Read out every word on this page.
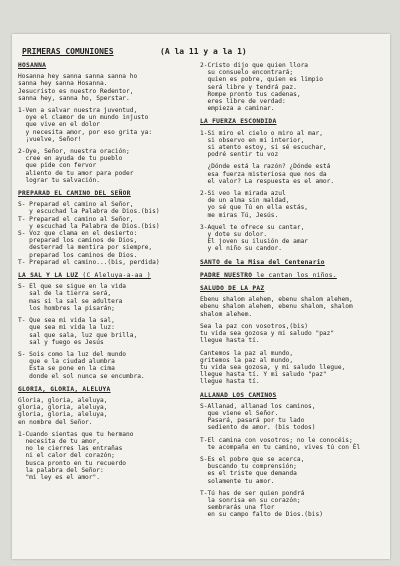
PRIMERAS COMUNIONES	(A la 11 y a la 1)
HOSANNA
Hosanna hey sanna sanna sanna ho
sanna hey sanna Hosanna.
Jesucristo es nuestro Redentor,
sanna hey, sanna ho, Sperstar.
1-Ven a salvar nuestra juventud,
oye el clamor de un mundo injusto
que vive en el dolor
y necesita amor, por eso grita ya:
¡vuelve, Señor!
2-Oye, Señor, nuestra oración;
cree en ayuda de tu pueblo
que pide con fervor
aliento de tu amor para poder
lograr tu salvación.
PREPARAD EL CAMINO DEL SEÑOR
S- Preparad el camino al Señor,
y escuchad la Palabra de Dios.(bis)
T- Preparad el camino al Señor,
y escuchad la Palabra de Dios.(bis)
S- Voz que clama en el desierto:
preparad los caminos de Dios,
desterrad la mentira por siempre,
preparad los caminos de Dios.
T- Preparad el camino...(bis, perdida)
LA SAL Y LA LUZ (C Aleluya-a-aa )
S- El que se sigue en la vida
sal de la tierra será,
mas si la sal se adultera
los hombres la pisarán;
T- Que sea mi vida la sal,
que sea mi vida la luz:
sal que sala, luz que brilla,
sal y fuego es Jesús
S- Sois como la luz del mundo
que e la ciudad alumbra
Esta se pone en la cima
donde el sol nunca se encumbra.
GLORIA, GLORIA, ALELUYA
Gloria, gloria, aleluya,
gloria, gloria, aleluya,
gloria, gloria, aleluya,
en nombre del Señor.
1-Cuando sientas que tu hermano
necesita de tu amor,
no le cierres las entrañas
ni el calor del corazón;
busca pronto en tu recuerdo
la palabra del Señor:
"mi ley es el amor".
2-Cristo dijo que quien llora
su consuelo encontrará;
quien es pobre, quien es limpio
será libre y tendrá paz.
Rompe pronto tus cadenas,
eres libre de verdad:
empieza a caminar.
LA FUERZA ESCONDIDA
1-Si miro el cielo o miro al mar,
si observo en mi interior,
si atento estoy, si sé escuchar,
podré sentir tu voz
¿Dónde está la razón? ¿Dónde está
esa fuerza misteriosa que nos da
el valor? La respuesta es el amor.
2-Si veo la mirada azul
de un alma sin maldad,
yo sé que Tú en ella estás,
me miras Tú, Jesús.
3-Aquel te ofrece su cantar,
y dote su dolor.
El joven su ilusión de amar
y el niño su candor.
SANTO de la Misa del Centenario
PADRE NUESTRO le cantan los niños.
SALUDO DE LA PAZ
Ebenu shalom alehem, ebenu shalom alehem,
ebenu shalom alehem, ebenu shalom, shalom
shalom alehem.
Sea la paz con vosotros,(bis)
tu vida sea gozosa y mi saludo "paz"
llegue hasta tí.
Cantemos la paz al mundo,
gritemos la paz al mundo,
tu vida sea gozosa, y mi saludo llegue,
llegue hasta tí. Y mi saludo "paz"
llegue hasta tí.
ALLANAD LOS CAMINOS
S-Allanad, allanad los caminos,
que viene el Señor.
Pasará, pasará por tu lado
sediento de amor. (bis todos)
T-El camina con vosotros; no le conocéis;
te acompaña en tu camino, vives tú con Él
S-Es el pobre que se acerca,
buscando tu comprensión;
es el triste que demanda
solamente tu amor.
T-Tú has de ser quien pondrá
la sonrisa en su corazón;
sembrarás una flor
en su campo falto de Dios.(bis)
